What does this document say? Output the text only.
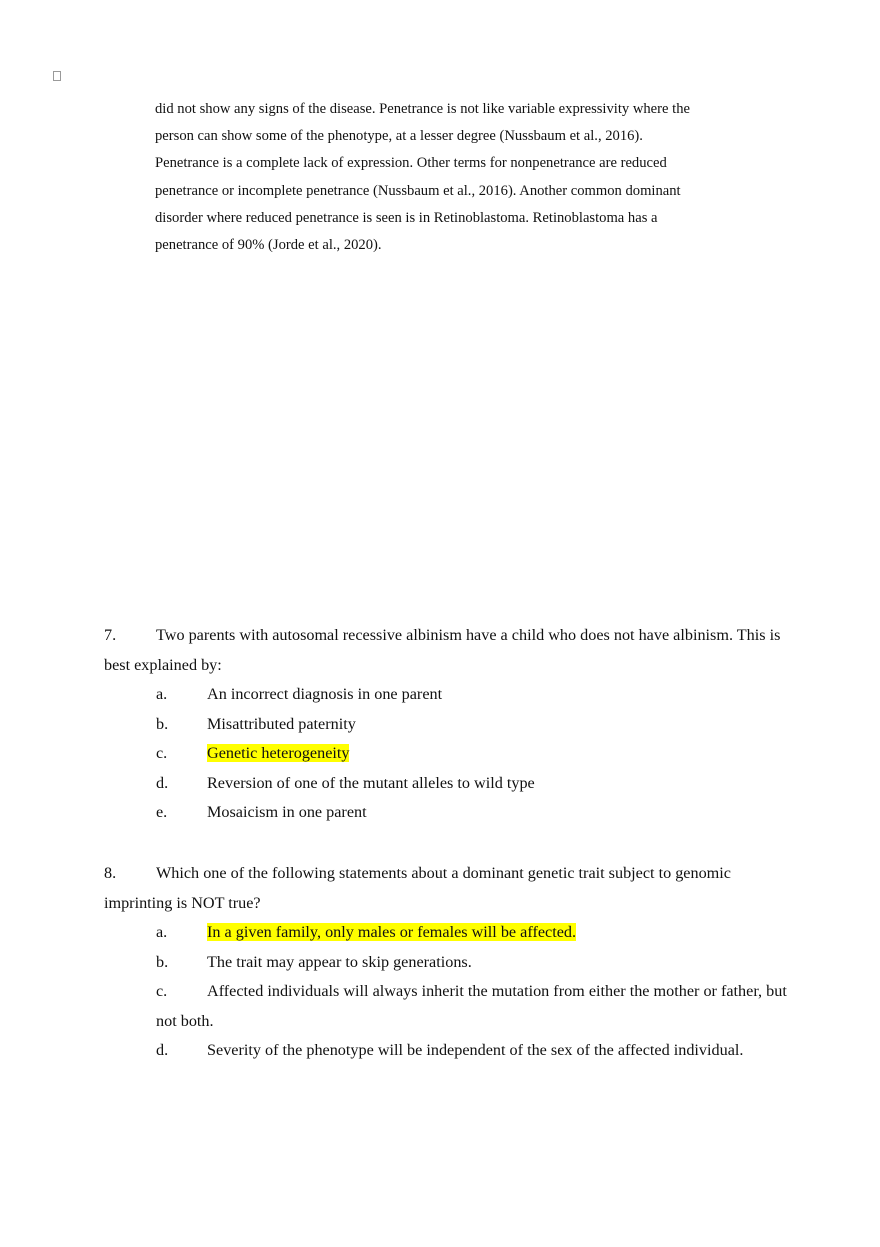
did not show any signs of the disease. Penetrance is not like variable expressivity where the
person can show some of the phenotype, at a lesser degree (Nussbaum et al., 2016).
Penetrance is a complete lack of expression. Other terms for nonpenetrance are reduced
penetrance or incomplete penetrance (Nussbaum et al., 2016). Another common dominant
disorder where reduced penetrance is seen is in Retinoblastoma. Retinoblastoma has a
penetrance of 90% (Jorde et al., 2020).
7. Two parents with autosomal recessive albinism have a child who does not have albinism. This is
best explained by:
a. An incorrect diagnosis in one parent
b. Misattributed paternity
c. Genetic heterogeneity
d. Reversion of one of the mutant alleles to wild type
e. Mosaicism in one parent
8. Which one of the following statements about a dominant genetic trait subject to genomic
imprinting is NOT true?
a. In a given family, only males or females will be affected.
b. The trait may appear to skip generations.
c. Affected individuals will always inherit the mutation from either the mother or father, but
not both.
d. Severity of the phenotype will be independent of the sex of the affected individual.
